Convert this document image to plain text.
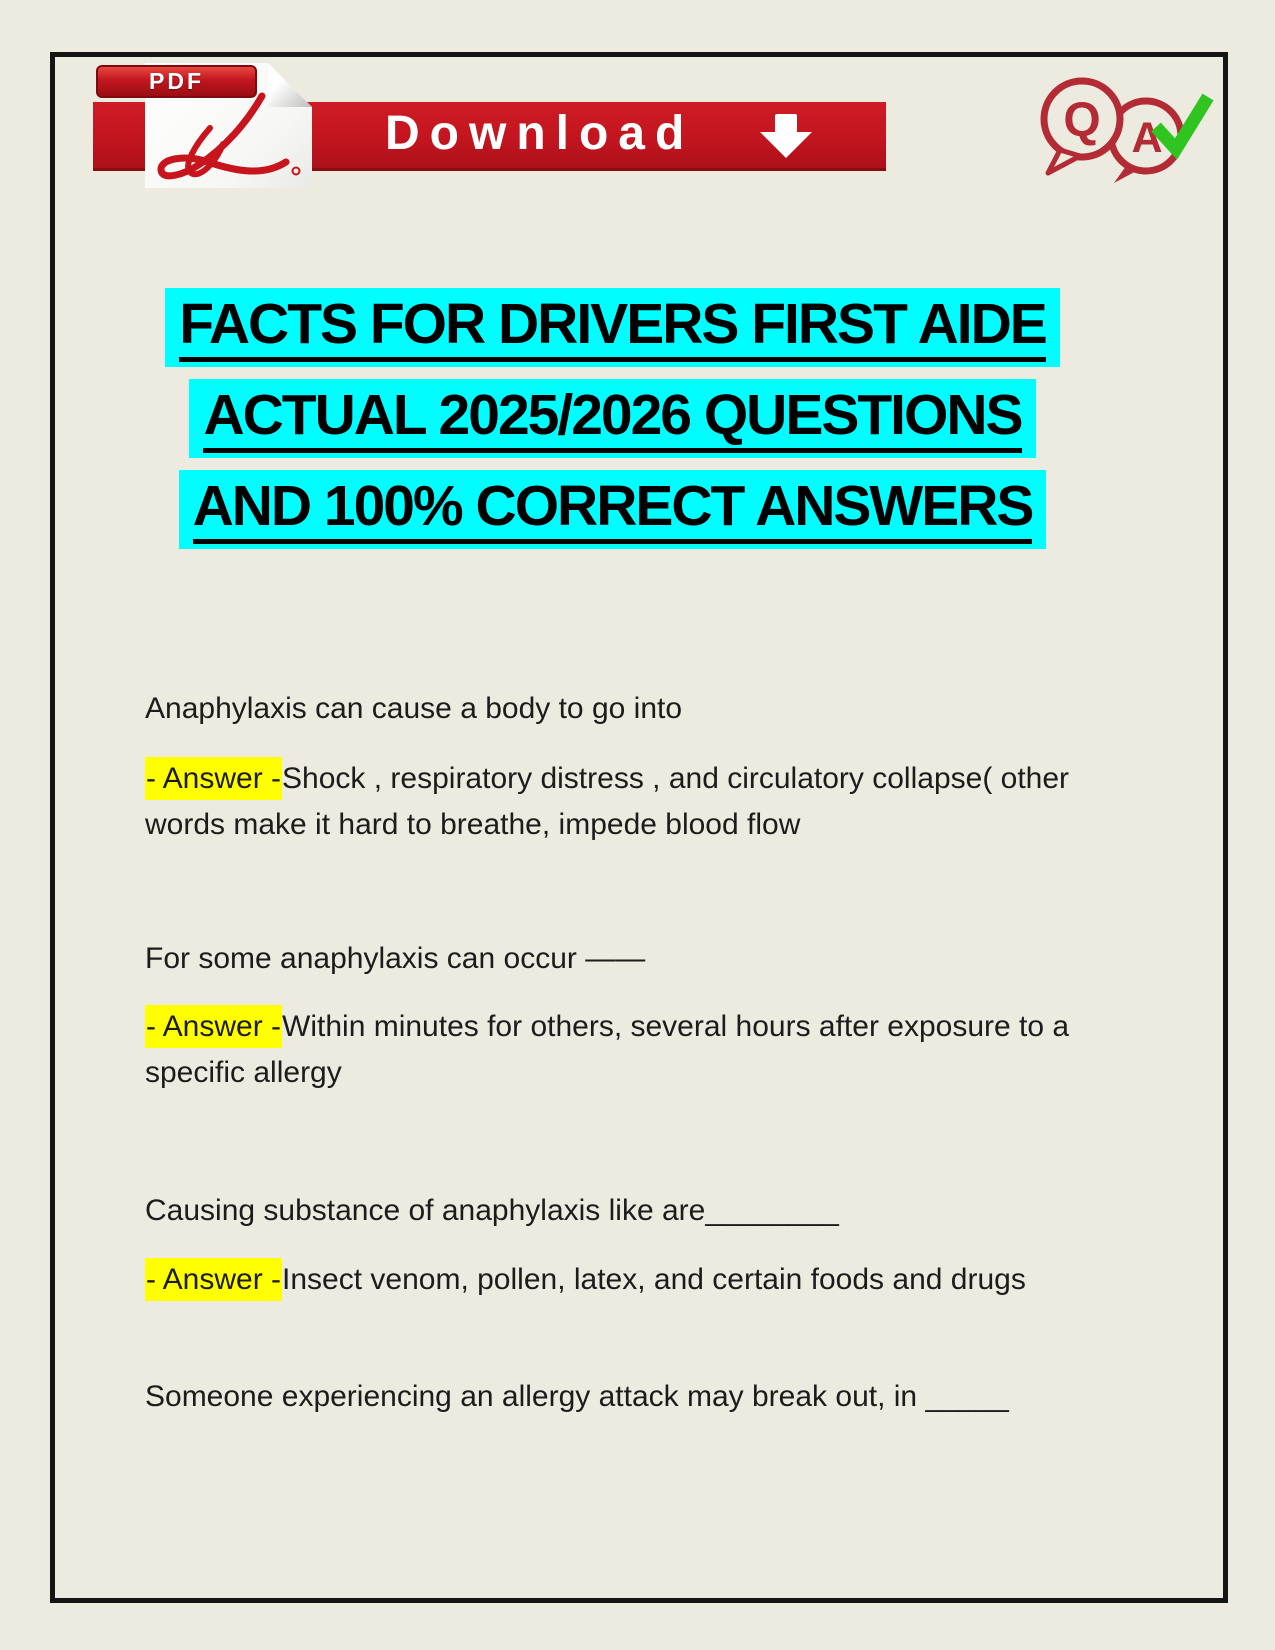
Download
PDF
Q A
FACTS FOR DRIVERS FIRST AIDE
ACTUAL 2025/2026 QUESTIONS
AND 100% CORRECT ANSWERS
Anaphylaxis can cause a body to go into
- Answer -Shock , respiratory distress , and circulatory collapse( other words make it hard to breathe, impede blood flow
For some anaphylaxis can occur ——
- Answer -Within minutes for others, several hours after exposure to a specific allergy
Causing substance of anaphylaxis like are________
- Answer -Insect venom, pollen, latex, and certain foods and drugs
Someone experiencing an allergy attack may break out, in _____
